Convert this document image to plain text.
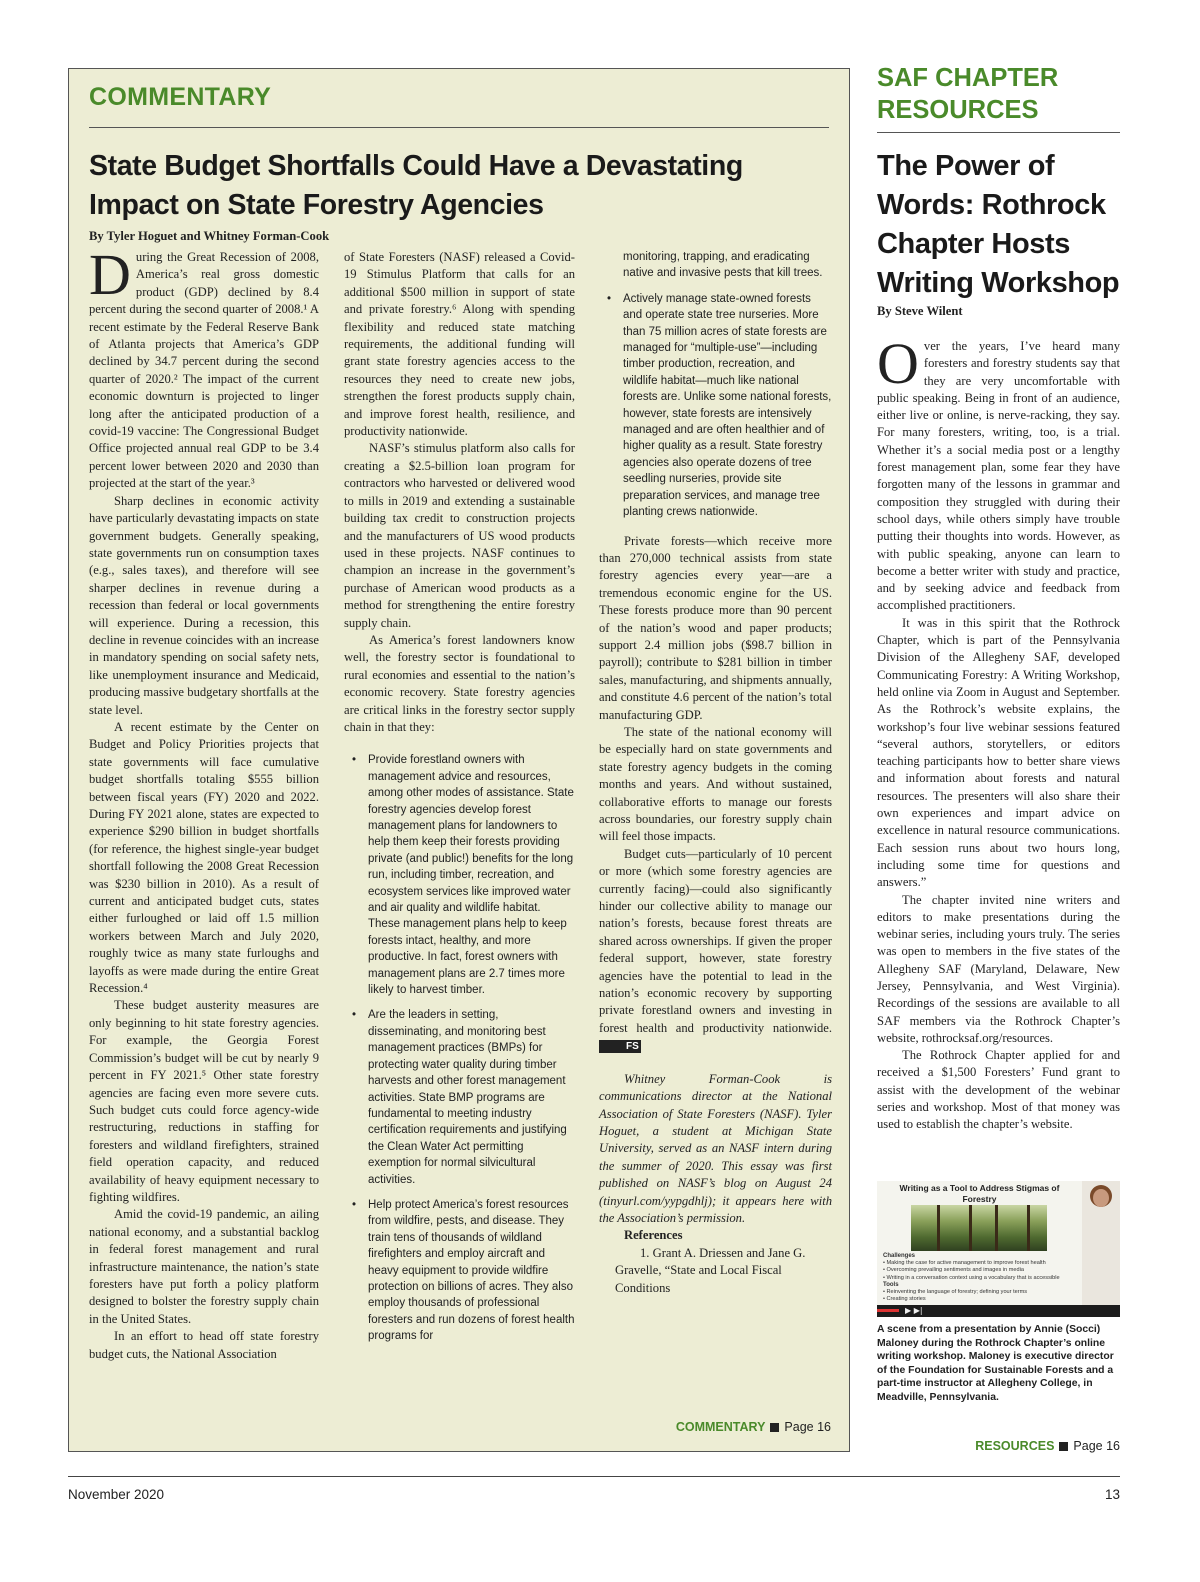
COMMENTARY
State Budget Shortfalls Could Have a Devastating Impact on State Forestry Agencies
By Tyler Hoguet and Whitney Forman-Cook

During the Great Recession of 2008, America’s real gross domestic product (GDP) declined by 8.4 percent during the second quarter of 2008.¹ A recent estimate by the Federal Reserve Bank of Atlanta projects that America’s GDP declined by 34.7 percent during the second quarter of 2020.² The impact of the current economic downturn is projected to linger long after the anticipated production of a covid-19 vaccine: The Congressional Budget Office projected annual real GDP to be 3.4 percent lower between 2020 and 2030 than projected at the start of the year.³

Sharp declines in economic activity have particularly devastating impacts on state government budgets. Generally speaking, state governments run on consumption taxes (e.g., sales taxes), and therefore will see sharper declines in revenue during a recession than federal or local governments will experience. During a recession, this decline in revenue coincides with an increase in mandatory spending on social safety nets, like unemployment insurance and Medicaid, producing massive budgetary shortfalls at the state level.

A recent estimate by the Center on Budget and Policy Priorities projects that state governments will face cumulative budget shortfalls totaling $555 billion between fiscal years (FY) 2020 and 2022. During FY 2021 alone, states are expected to experience $290 billion in budget shortfalls (for reference, the highest single-year budget shortfall following the 2008 Great Recession was $230 billion in 2010). As a result of current and anticipated budget cuts, states either furloughed or laid off 1.5 million workers between March and July 2020, roughly twice as many state furloughs and layoffs as were made during the entire Great Recession.⁴

These budget austerity measures are only beginning to hit state forestry agencies. For example, the Georgia Forest Commission’s budget will be cut by nearly 9 percent in FY 2021.⁵ Other state forestry agencies are facing even more severe cuts. Such budget cuts could force agency-wide restructuring, reductions in staffing for foresters and wildland firefighters, strained field operation capacity, and reduced availability of heavy equipment necessary to fighting wildfires.

Amid the covid-19 pandemic, an ailing national economy, and a substantial backlog in federal forest management and rural infrastructure maintenance, the nation’s state foresters have put forth a policy platform designed to bolster the forestry supply chain in the United States.

In an effort to head off state forestry budget cuts, the National Association

of State Foresters (NASF) released a Covid-19 Stimulus Platform that calls for an additional $500 million in support of state and private forestry.⁶ Along with spending flexibility and reduced state matching requirements, the additional funding will grant state forestry agencies access to the resources they need to create new jobs, strengthen the forest products supply chain, and improve forest health, resilience, and productivity nationwide.

NASF’s stimulus platform also calls for creating a $2.5-billion loan program for contractors who harvested or delivered wood to mills in 2019 and extending a sustainable building tax credit to construction projects and the manufacturers of US wood products used in these projects. NASF continues to champion an increase in the government’s purchase of American wood products as a method for strengthening the entire forestry supply chain.

As America’s forest landowners know well, the forestry sector is foundational to rural economies and essential to the nation’s economic recovery. State forestry agencies are critical links in the forestry sector supply chain in that they:

• Provide forestland owners with management advice and resources, among other modes of assistance. State forestry agencies develop forest management plans for landowners to help them keep their forests providing private (and public!) benefits for the long run, including timber, recreation, and ecosystem services like improved water and air quality and wildlife habitat. These management plans help to keep forests intact, healthy, and more productive. In fact, forest owners with management plans are 2.7 times more likely to harvest timber.
• Are the leaders in setting, disseminating, and monitoring best management practices (BMPs) for protecting water quality during timber harvests and other forest management activities. State BMP programs are fundamental to meeting industry certification requirements and justifying the Clean Water Act permitting exemption for normal silvicultural activities.
• Help protect America’s forest resources from wildfire, pests, and disease. They train tens of thousands of wildland firefighters and employ aircraft and heavy equipment to provide wildfire protection on billions of acres. They also employ thousands of professional foresters and run dozens of forest health programs for
monitoring, trapping, and eradicating native and invasive pests that kill trees.
• Actively manage state-owned forests and operate state tree nurseries. More than 75 million acres of state forests are managed for “multiple-use”—including timber production, recreation, and wildlife habitat—much like national forests are. Unlike some national forests, however, state forests are intensively managed and are often healthier and of higher quality as a result. State forestry agencies also operate dozens of tree seedling nurseries, provide site preparation services, and manage tree planting crews nationwide.

Private forests—which receive more than 270,000 technical assists from state forestry agencies every year—are a tremendous economic engine for the US. These forests produce more than 90 percent of the nation’s wood and paper products; support 2.4 million jobs ($98.7 billion in payroll); contribute to $281 billion in timber sales, manufacturing, and shipments annually, and constitute 4.6 percent of the nation’s total manufacturing GDP.

The state of the national economy will be especially hard on state governments and state forestry agency budgets in the coming months and years. And without sustained, collaborative efforts to manage our forests across boundaries, our forestry supply chain will feel those impacts.

Budget cuts—particularly of 10 percent or more (which some forestry agencies are currently facing)—could also significantly hinder our collective ability to manage our nation’s forests, because forest threats are shared across ownerships. If given the proper federal support, however, state forestry agencies have the potential to lead in the nation’s economic recovery by supporting private forestland owners and investing in forest health and productivity nationwide. FS

Whitney Forman-Cook is communications director at the National Association of State Foresters (NASF). Tyler Hoguet, a student at Michigan State University, served as an NASF intern during the summer of 2020. This essay was first published on NASF’s blog on August 24 (tinyurl.com/yypgdhlj); it appears here with the Association’s permission.

References

1. Grant A. Driessen and Jane G. Gravelle, “State and Local Fiscal Conditions

COMMENTARY Page 16
SAF CHAPTER RESOURCES
The Power of Words: Rothrock Chapter Hosts Writing Workshop
By Steve Wilent

Over the years, I’ve heard many foresters and forestry students say that they are very uncomfortable with public speaking. Being in front of an audience, either live or online, is nerve-racking, they say. For many foresters, writing, too, is a trial. Whether it’s a social media post or a lengthy forest management plan, some fear they have forgotten many of the lessons in grammar and composition they struggled with during their school days, while others simply have trouble putting their thoughts into words. However, as with public speaking, anyone can learn to become a better writer with study and practice, and by seeking advice and feedback from accomplished practitioners.

It was in this spirit that the Rothrock Chapter, which is part of the Pennsylvania Division of the Allegheny SAF, developed Communicating Forestry: A Writing Workshop, held online via Zoom in August and September. As the Rothrock’s website explains, the workshop’s four live webinar sessions featured “several authors, storytellers, or editors teaching participants how to better share views and information about forests and natural resources. The presenters will also share their own experiences and impart advice on excellence in natural resource communications. Each session runs about two hours long, including some time for questions and answers.”

The chapter invited nine writers and editors to make presentations during the webinar series, including yours truly. The series was open to members in the five states of the Allegheny SAF (Maryland, Delaware, New Jersey, Pennsylvania, and West Virginia). Recordings of the sessions are available to all SAF members via the Rothrock Chapter’s website, rothrocksaf.org/resources.

The Rothrock Chapter applied for and received a $1,500 Foresters’ Fund grant to assist with the development of the webinar series and workshop. Most of that money was used to establish the chapter’s website.

Writing as a Tool to Address Stigmas of Forestry
Challenges
• Making the case for active management to improve forest health
• Overcoming prevailing sentiments and images in media
• Writing in a conversation context using a vocabulary that is accessible
Tools
• Reinventing the language of forestry; defining your terms
• Creating stories
▶ ▶|
A scene from a presentation by Annie (Socci) Maloney during the Rothrock Chapter’s online writing workshop. Maloney is executive director of the Foundation for Sustainable Forests and a part-time instructor at Allegheny College, in Meadville, Pennsylvania.
RESOURCES Page 16
November 2020	13
